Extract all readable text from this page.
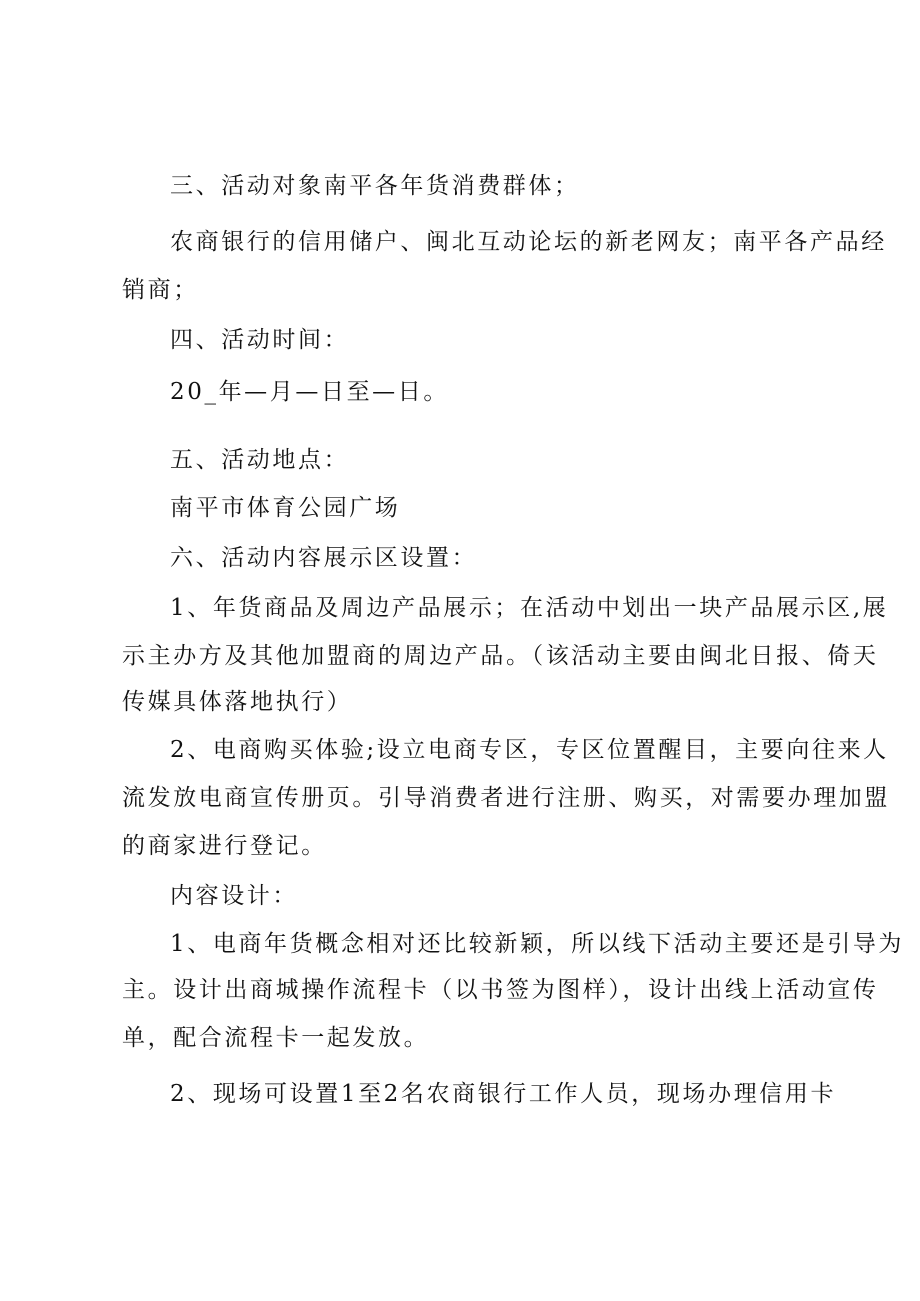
三、活动对象南平各年货消费群体；
农商银行的信用储户、闽北互动论坛的新老网友；南平各产品经
销商；
四、活动时间：
20_年—月—日至—日。
五、活动地点：
南平市体育公园广场
六、活动内容展示区设置：
1、年货商品及周边产品展示；在活动中划出一块产品展示区,展
示主办方及其他加盟商的周边产品。（该活动主要由闽北日报、倚天
传媒具体落地执行）
2、电商购买体验;设立电商专区，专区位置醒目，主要向往来人
流发放电商宣传册页。引导消费者进行注册、购买，对需要办理加盟
的商家进行登记。
内容设计：
1、电商年货概念相对还比较新颖，所以线下活动主要还是引导为
主。设计出商城操作流程卡（以书签为图样），设计出线上活动宣传
单，配合流程卡一起发放。
2、现场可设置1至2名农商银行工作人员，现场办理信用卡
